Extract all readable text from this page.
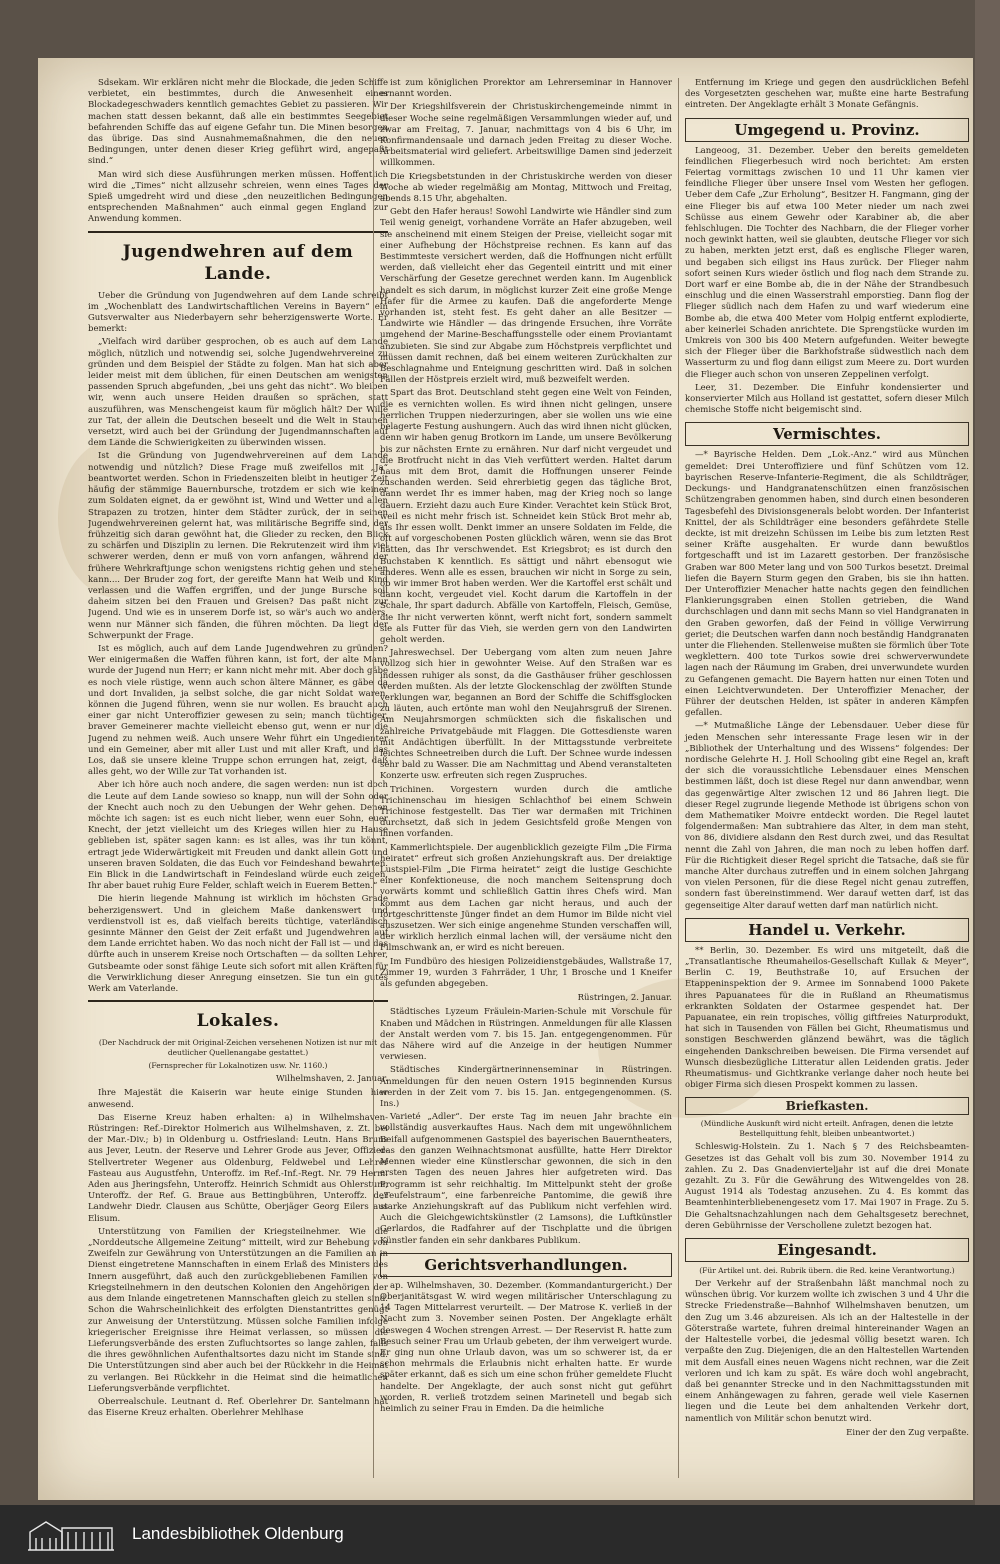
Sdsekam. Wir erklären nicht mehr die Blockade, die jeden Schiffe verbietet, ein bestimmtes, durch die Anwesenheit eines Blockadegeschwaders kenntlich gemachtes Gebiet zu passieren. Wir machen statt dessen bekannt, daß alle ein bestimmtes Seegebiet befahrenden Schiffe das auf eigene Gefahr tun. Die Minen besorgen das übrige. Das sind Ausnahmemaßnahmen, die den neuen Bedingungen, unter denen dieser Krieg geführt wird, angepaßt sind.“

Man wird sich diese Ausführungen merken müssen. Hoffentlich wird die „Times“ nicht allzusehr schreien, wenn eines Tages der Spieß umgedreht wird und diese „den neuzeitlichen Bedingungen entsprechenden Maßnahmen“ auch einmal gegen England zur Anwendung kommen.

Jugendwehren auf dem Lande.

Ueber die Gründung von Jugendwehren auf dem Lande schreibt im „Wochenblatt des Landwirtschaftlichen Vereins in Bayern“ ein Gutsverwalter aus Niederbayern sehr beherzigenswerte Worte. Er bemerkt:

„Vielfach wird darüber gesprochen, ob es auch auf dem Lande möglich, nützlich und notwendig sei, solche Jugendwehrvereine zu gründen und dem Beispiel der Städte zu folgen. Man hat sich aber leider meist mit dem üblichen, für einen Deutschen am wenigsten passenden Spruch abgefunden, „bei uns geht das nicht“. Wo bleiben wir, wenn auch unsere Heiden draußen so sprächen, statt auszuführen, was Menschengeist kaum für möglich hält? Der Wille zur Tat, der allein die Deutschen beseelt und die Welt in Staunen versetzt, wird auch bei der Gründung der Jugendmannschaften auf dem Lande die Schwierigkeiten zu überwinden wissen.

Ist die Gründung von Jugendwehrvereinen auf dem Lande notwendig und nützlich? Diese Frage muß zweifellos mit „Ja“ beantwortet werden. Schon in Friedenszeiten bleibt in heutiger Zeit häufig der stämmige Bauernbursche, trotzdem er sich wie keiner zum Soldaten eignet, da er gewöhnt ist, Wind und Wetter und allen Strapazen zu trotzen, hinter dem Städter zurück, der in seinen Jugendwehrvereinen gelernt hat, was militärische Begriffe sind, der frühzeitig sich daran gewöhnt hat, die Glieder zu recken, den Blick zu schärfen und Disziplin zu lernen. Die Rekrutenzeit wird ihm viel schwerer werden, denn er muß von vorn anfangen, während der frühere Wehrkraftjunge schon wenigstens richtig gehen und stehen kann.... Der Bruder zog fort, der gereifte Mann hat Weib und Kind verlassen und die Waffen ergriffen, und der junge Bursche soll daheim sitzen bei den Frauen und Greisen? Das paßt nicht zur Jugend. Und wie es in unserem Dorfe ist, so wär's auch wo anders, wenn nur Männer sich fänden, die führen möchten. Da liegt der Schwerpunkt der Frage.

Ist es möglich, auch auf dem Lande Jugendwehren zu gründen? Wer einigermaßen die Waffen führen kann, ist fort, der alte Mann wurde der Jugend nun Herr; er kann nicht mehr mit. Aber doch gäbe es noch viele rüstige, wenn auch schon ältere Männer, es gäbe da und dort Invaliden, ja selbst solche, die gar nicht Soldat waren, können die Jugend führen, wenn sie nur wollen. Es braucht auch einer gar nicht Unteroffizier gewesen zu sein; manch tüchtiger, braver Gemeinerer machte vielleicht ebenso gut, wenn er nur die Jugend zu nehmen weiß. Auch unsere Wehr führt ein Ungedienter und ein Gemeiner, aber mit aller Lust und mit aller Kraft, und das Los, daß sie unsere kleine Truppe schon errungen hat, zeigt, daß alles geht, wo der Wille zur Tat vorhanden ist.

Aber ich höre auch noch andere, die sagen werden: nun ist doch die Leute auf dem Lande sowieso so knapp, nun will der Sohn oder der Knecht auch noch zu den Uebungen der Wehr gehen. Denen möchte ich sagen: ist es euch nicht lieber, wenn euer Sohn, euer Knecht, der jetzt vielleicht um des Krieges willen hier zu Hause geblieben ist, später sagen kann: es ist alles, was ihr tun könnt, ertragt jede Widerwärtigkeit mit Freuden und dankt allein Gott und unseren braven Soldaten, die das Euch vor Feindeshand bewahrten. Ein Blick in die Landwirtschaft in Feindesland würde euch zeigen, Ihr aber bauet ruhig Eure Felder, schlaft weich in Euerem Betten.“

Die hierin liegende Mahnung ist wirklich im höchsten Grade beherzigenswert. Und in gleichem Maße dankenswert und verdienstvoll ist es, daß vielfach bereits tüchtige, vaterländisch gesinnte Männer den Geist der Zeit erfaßt und Jugendwehren auf dem Lande errichtet haben. Wo das noch nicht der Fall ist — und das dürfte auch in unserem Kreise noch Ortschaften — da sollten Lehrer, Gutsbeamte oder sonst fähige Leute sich sofort mit allen Kräften für die Verwirklichung dieser Anregung einsetzen. Sie tun ein gutes Werk am Vaterlande.

Lokales.
(Der Nachdruck der mit Original-Zeichen versehenen Notizen ist nur mit deutlicher Quellenangabe gestattet.)
(Fernsprecher für Lokalnotizen usw. Nr. 1160.)
Wilhelmshaven, 2. Januar.

Ihre Majestät die Kaiserin war heute einige Stunden hier anwesend.

Das Eiserne Kreuz haben erhalten: a) in Wilhelmshaven-Rüstringen: Ref.-Direktor Holmerich aus Wilhelmshaven, z. Zt. bei der Mar.-Div.; b) in Oldenburg u. Ostfriesland: Leutn. Hans Bruns aus Jever, Leutn. der Reserve und Lehrer Grode aus Jever, Offizier-Stellvertreter Wegener aus Oldenburg, Feldwebel und Lehrer Fasteau aus Augustfehn, Unteroffz. im Ref.-Inf.-Regt. Nr. 79 Herm. Aden aus Jheringsfehn, Unteroffz. Heinrich Schmidt aus Ohlerstum, Unteroffz. der Ref. G. Braue aus Bettingbühren, Unteroffz. der Landwehr Diedr. Clausen aus Schütte, Oberjäger Georg Eilers aus Elisum.

Unterstützung von Familien der Kriegsteilnehmer. Wie die „Norddeutsche Allgemeine Zeitung“ mitteilt, wird zur Behebung von Zweifeln zur Gewährung von Unterstützungen an die Familien an in Dienst eingetretene Mannschaften in einem Erlaß des Ministers des Innern ausgeführt, daß auch den zurückgebliebenen Familien von Kriegsteilnehmern in den deutschen Kolonien den Angehörigen der aus dem Inlande eingetretenen Mannschaften gleich zu stellen sind. Schon die Wahrscheinlichkeit des erfolgten Dienstantrittes genügt zur Anweisung der Unterstützung. Müssen solche Familien infolge kriegerischer Ereignisse ihre Heimat verlassen, so müssen die Lieferungsverbände des ersten Zufluchtsortes so lange zahlen, falls die ihres gewöhnlichen Aufenthaltsortes dazu nicht im Stande sind. Die Unterstützungen sind aber auch bei der Rückkehr in die Heimat zu verlangen. Bei Rückkehr in die Heimat sind die heimatlichen Lieferungsverbände verpflichtet.

Oberrealschule. Leutnant d. Ref. Oberlehrer Dr. Santelmann hat das Eiserne Kreuz erhalten. Oberlehrer Mehlhase

ist zum königlichen Prorektor am Lehrerseminar in Hannover ernannt worden.

Der Kriegshilfsverein der Christuskirchengemeinde nimmt in dieser Woche seine regelmäßigen Versammlungen wieder auf, und zwar am Freitag, 7. Januar, nachmittags von 4 bis 6 Uhr, im Konfirmandensaale und darnach jeden Freitag zu dieser Woche. Arbeitsmaterial wird geliefert. Arbeitswillige Damen sind jederzeit willkommen.

Die Kriegsbetstunden in der Christuskirche werden von dieser Woche ab wieder regelmäßig am Montag, Mittwoch und Freitag, abends 8.15 Uhr, abgehalten.

Gebt den Hafer heraus! Sowohl Landwirte wie Händler sind zum Teil wenig geneigt, vorhandene Vorräte an Hafer abzugeben, weil sie anscheinend mit einem Steigen der Preise, vielleicht sogar mit einer Aufhebung der Höchstpreise rechnen. Es kann auf das Bestimmteste versichert werden, daß die Hoffnungen nicht erfüllt werden, daß vielleicht eher das Gegenteil eintritt und mit einer Verschärfung der Gesetze gerechnet werden kann. Im Augenblick handelt es sich darum, in möglichst kurzer Zeit eine große Menge Hafer für die Armee zu kaufen. Daß die angeforderte Menge vorhanden ist, steht fest. Es geht daher an alle Besitzer — Landwirte wie Händler — das dringende Ersuchen, ihre Vorräte umgehend der Marine-Beschaffungsstelle oder einem Proviantamt anzubieten. Sie sind zur Abgabe zum Höchstpreis verpflichtet und müssen damit rechnen, daß bei einem weiteren Zurückhalten zur Beschlagnahme und Enteignung geschritten wird. Daß in solchen Fällen der Höstpreis erzielt wird, muß bezweifelt werden.

Spart das Brot. Deutschland steht gegen eine Welt von Feinden, die es vernichten wollen. Es wird ihnen nicht gelingen, unsere herrlichen Truppen niederzuringen, aber sie wollen uns wie eine belagerte Festung aushungern. Auch das wird ihnen nicht glücken, denn wir haben genug Brotkorn im Lande, um unsere Bevölkerung bis zur nächsten Ernte zu ernähren. Nur darf nicht vergeudet und die Brotfrucht nicht in das Vieh verfüttert werden. Haltet darum haus mit dem Brot, damit die Hoffnungen unserer Feinde zuschanden werden. Seid ehrerbietig gegen das tägliche Brot, dann werdet Ihr es immer haben, mag der Krieg noch so lange dauern. Erzieht dazu auch Eure Kinder. Verachtet kein Stück Brot, weil es nicht mehr frisch ist. Schneidet kein Stück Brot mehr ab, als Ihr essen wollt. Denkt immer an unsere Soldaten im Felde, die oft auf vorgeschobenen Posten glücklich wären, wenn sie das Brot hätten, das Ihr verschwendet. Est Kriegsbrot; es ist durch den Buchstaben K kenntlich. Es sättigt und nährt ebensogut wie anderes. Wenn alle es essen, brauchen wir nicht in Sorge zu sein, ob wir immer Brot haben werden. Wer die Kartoffel erst schält und dann kocht, vergeudet viel. Kocht darum die Kartoffeln in der Schale, Ihr spart dadurch. Abfälle von Kartoffeln, Fleisch, Gemüse, die Ihr nicht verwerten könnt, werft nicht fort, sondern sammelt sie als Futter für das Vieh, sie werden gern von den Landwirten geholt werden.

Jahreswechsel. Der Uebergang vom alten zum neuen Jahre vollzog sich hier in gewohnter Weise. Auf den Straßen war es indessen ruhiger als sonst, da die Gasthäuser früher geschlossen werden mußten. Als der letzte Glockenschlag der zwölften Stunde verklungen war, begannen an Bord der Schiffe die Schiffsglocken zu läuten, auch ertönte man wohl den Neujahrsgruß der Sirenen. Am Neujahrsmorgen schmückten sich die fiskalischen und zahlreiche Privatgebäude mit Flaggen. Die Gottesdienste waren mit Andächtigen überfüllt. In der Mittagsstunde verbreitete leichtes Schneetreiben durch die Luft. Der Schnee wurde indessen sehr bald zu Wasser. Die am Nachmittag und Abend veranstalteten Konzerte usw. erfreuten sich regen Zuspruches.

Trichinen. Vorgestern wurden durch die amtliche Trichinenschau im hiesigen Schlachthof bei einem Schwein Trichinose festgestellt. Das Tier war dermaßen mit Trichinen durchsetzt, daß sich in jedem Gesichtsfeld große Mengen von ihnen vorfanden.

Kammerlichtspiele. Der augenblicklich gezeigte Film „Die Firma heiratet“ erfreut sich großen Anziehungskraft aus. Der dreiaktige Lustspiel-Film „Die Firma heiratet“ zeigt die lustige Geschichte einer Konfektioneuse, die noch manchem Seitensprung doch vorwärts kommt und schließlich Gattin ihres Chefs wird. Man kommt aus dem Lachen gar nicht heraus, und auch der fortgeschrittenste Jünger findet an dem Humor im Bilde nicht viel auszusetzen. Wer sich einige angenehme Stunden verschaffen will, der wirklich herzlich einmal lachen will, der versäume nicht den Filmschwank an, er wird es nicht bereuen.

Im Fundbüro des hiesigen Polizeidienstgebäudes, Wallstraße 17, Zimmer 19, wurden 3 Fahrräder, 1 Uhr, 1 Brosche und 1 Kneifer als gefunden abgegeben.

Rüstringen, 2. Januar.

Städtisches Lyzeum Fräulein-Marien-Schule mit Vorschule für Knaben und Mädchen in Rüstringen. Anmeldungen für alle Klassen der Anstalt werden vom 7. bis 15. Jan. entgegengenommen. Für das Nähere wird auf die Anzeige in der heutigen Nummer verwiesen.

Städtisches Kindergärtnerinnenseminar in Rüstringen. Anmeldungen für den neuen Ostern 1915 beginnenden Kursus werden in der Zeit vom 7. bis 15. Jan. entgegengenommen. (S. Ins.)

Varieté „Adler“. Der erste Tag im neuen Jahr brachte ein vollständig ausverkauftes Haus. Nach dem mit ungewöhnlichem Beifall aufgenommenen Gastspiel des bayerischen Bauerntheaters, das den ganzen Weihnachtsmonat ausfüllte, hatte Herr Direktor Mennen wieder eine Künstlerschar gewonnen, die sich in den ersten Tagen des neuen Jahres hier aufgetreten wird. Das Programm ist sehr reichhaltig. Im Mittelpunkt steht der große „Teufelstraum“, eine farbenreiche Pantomime, die gewiß ihre starke Anziehungskraft auf das Publikum nicht verfehlen wird. Auch die Gleichgewichtskünstler (2 Lamsons), die Luftkünstler Gerlardos, die Radfahrer auf der Tischplatte und die übrigen Künstler fanden ein sehr dankbares Publikum.

Gerichtsverhandlungen.

ap. Wilhelmshaven, 30. Dezember. (Kommandanturgericht.) Der Oberjanitätsgast W. wird wegen militärischer Unterschlagung zu 14 Tagen Mittelarrest verurteilt. — Der Matrose K. verließ in der Nacht zum 3. November seinen Posten. Der Angeklagte erhält deswegen 4 Wochen strengen Arrest. — Der Reservist R. hatte zum Besuch seiner Frau um Urlaub gebeten, der ihm verweigert wurde. Er ging nun ohne Urlaub davon, was um so schwerer ist, da er schon mehrmals die Erlaubnis nicht erhalten hatte. Er wurde später erkannt, daß es sich um eine schon früher gemeldete Flucht handelte. Der Angeklagte, der auch sonst nicht gut geführt worden, R. verließ trotzdem seinen Marinetell und begab sich heimlich zu seiner Frau in Emden. Da die heimliche

Entfernung im Kriege und gegen den ausdrücklichen Befehl des Vorgesetzten geschehen war, mußte eine harte Bestrafung eintreten. Der Angeklagte erhält 3 Monate Gefängnis.

Umgegend u. Provinz.

Langeoog, 31. Dezember. Ueber den bereits gemeldeten feindlichen Fliegerbesuch wird noch berichtet: Am ersten Feiertag vormittags zwischen 10 und 11 Uhr kamen vier feindliche Flieger über unsere Insel vom Westen her geflogen. Ueber dem Cafe „Zur Erholung“, Besitzer H. Fangmann, ging der eine Flieger bis auf etwa 100 Meter nieder um nach zwei Schüsse aus einem Gewehr oder Karabiner ab, die aber fehlschlugen. Die Tochter des Nachbarn, die der Flieger vorher noch gewinkt hatten, weil sie glaubten, deutsche Flieger vor sich zu haben, merkten jetzt erst, daß es englische Flieger waren, und begaben sich eiligst ins Haus zurück. Der Flieger nahm sofort seinen Kurs wieder östlich und flog nach dem Strande zu. Dort warf er eine Bombe ab, die in der Nähe der Strandbesuch einschlug und die einen Wasserstrahl emporstieg. Dann flog der Flieger südlich nach dem Hafen zu und warf wiederum eine Bombe ab, die etwa 400 Meter vom Holpig entfernt explodierte, aber keinerlei Schaden anrichtete. Die Sprengstücke wurden im Umkreis von 300 bis 400 Metern aufgefunden. Weiter bewegte sich der Flieger über die Barkhofstraße südwestlich nach dem Wasserturm zu und flog dann eiligst zum Meere zu. Dort wurden die Flieger auch schon von unseren Zeppelinen verfolgt.

Leer, 31. Dezember. Die Einfuhr kondensierter und konservierter Milch aus Holland ist gestattet, sofern dieser Milch chemische Stoffe nicht beigemischt sind.

Vermischtes.

—* Bayrische Helden. Dem „Lok.-Anz.“ wird aus München gemeldet: Drei Unteroffiziere und fünf Schützen vom 12. bayrischen Reserve-Infanterie-Regiment, die als Schildträger, Deckungs- und Handgranatenschützen einen französischen Schützengraben genommen haben, sind durch einen besonderen Tagesbefehl des Divisionsgenerals belobt worden. Der Infanterist Knittel, der als Schildträger eine besonders gefährdete Stelle deckte, ist mit dreizehn Schüssen im Leibe bis zum letzten Rest seiner Kräfte ausgehalten. Er wurde dann bewußtlos fortgeschafft und ist im Lazarett gestorben. Der französische Graben war 800 Meter lang und von 500 Turkos besetzt. Dreimal liefen die Bayern Sturm gegen den Graben, bis sie ihn hatten. Der Unteroffizier Menacher hatte nachts gegen den feindlichen Flankierungsgraben einen Stollen getrieben, die Wand durchschlagen und dann mit sechs Mann so viel Handgranaten in den Graben geworfen, daß der Feind in völlige Verwirrung geriet; die Deutschen warfen dann noch beständig Handgranaten unter die Fliehenden. Stellenweise mußten sie förmlich über Tote wegklettern. 400 tote Turkos sowie drei schwerverwundete lagen nach der Räumung im Graben, drei unverwundete wurden zu Gefangenen gemacht. Die Bayern hatten nur einen Toten und einen Leichtverwundeten. Der Unteroffizier Menacher, der Führer der deutschen Helden, ist später in anderen Kämpfen gefallen.

—* Mutmaßliche Länge der Lebensdauer. Ueber diese für jeden Menschen sehr interessante Frage lesen wir in der „Bibliothek der Unterhaltung und des Wissens“ folgendes: Der nordische Gelehrte H. J. Holl Schooling gibt eine Regel an, kraft der sich die voraussichtliche Lebensdauer eines Menschen bestimmen läßt, doch ist diese Regel nur dann anwendbar, wenn das gegenwärtige Alter zwischen 12 und 86 Jahren liegt. Die dieser Regel zugrunde liegende Methode ist übrigens schon von dem Mathematiker Moivre entdeckt worden. Die Regel lautet folgendermaßen: Man subtrahiere das Alter, in dem man steht, von 86, dividiere alsdann den Rest durch zwei, und das Resultat nennt die Zahl von Jahren, die man noch zu leben hoffen darf. Für die Richtigkeit dieser Regel spricht die Tatsache, daß sie für manche Alter durchaus zutreffen und in einem solchen Jahrgang von vielen Personen, für die diese Regel nicht genau zutreffen, sondern fast übereinstimmend. Wer darauf wetten darf, ist das gegenseitige Alter darauf wetten darf man natürlich nicht.

Handel u. Verkehr.

** Berlin, 30. Dezember. Es wird uns mitgeteilt, daß die „Transatlantische Rheumaheilos-Gesellschaft Kullak & Meyer“, Berlin C. 19, Beuthstraße 10, auf Ersuchen der Etappeninspektion der 9. Armee im Sonnabend 1000 Pakete ihres Papuanatees für die in Rußland an Rheumatismus erkrankten Soldaten der Ostarmee gespendet hat. Der Papuanatee, ein rein tropisches, völlig giftfreies Naturprodukt, hat sich in Tausenden von Fällen bei Gicht, Rheumatismus und sonstigen Beschwerden glänzend bewährt, was die täglich eingehenden Dankschreiben beweisen. Die Firma versendet auf Wunsch diesbezügliche Litteratur allen Leidenden gratis. Jeder Rheumatismus- und Gichtkranke verlange daher noch heute bei obiger Firma sich diesen Prospekt kommen zu lassen.

Briefkasten.
(Mündliche Auskunft wird nicht erteilt. Anfragen, denen die letzte Bestellquittung fehlt, bleiben unbeantwortet.)

Schleswig-Holstein. Zu 1. Nach § 7 des Reichsbeamten-Gesetzes ist das Gehalt voll bis zum 30. November 1914 zu zahlen. Zu 2. Das Gnadenvierteljahr ist auf die drei Monate gezahlt. Zu 3. Für die Gewährung des Witwengeldes von 28. August 1914 als Todestag anzusehen. Zu 4. Es kommt das Beamtenhinterbliebenengesetz vom 17. Mai 1907 in Frage. Zu 5. Die Gehaltsnachzahlungen nach dem Gehaltsgesetz berechnet, deren Gebührnisse der Verschollene zuletzt bezogen hat.

Eingesandt.
(Für Artikel unt. dei. Rubrik übern. die Red. keine Verantwortung.)

Der Verkehr auf der Straßenbahn läßt manchmal noch zu wünschen übrig. Vor kurzem wollte ich zwischen 3 und 4 Uhr die Strecke Friedenstraße—Bahnhof Wilhelmshaven benutzen, um den Zug um 3.46 abzureisen. Als ich an der Haltestelle in der Göterstraße wartete, fuhren dreimal hintereinander Wagen an der Haltestelle vorbei, die jedesmal völlig besetzt waren. Ich verpaßte den Zug. Diejenigen, die an den Haltestellen Wartenden mit dem Ausfall eines neuen Wagens nicht rechnen, war die Zeit verloren und ich kam zu spät. Es wäre doch wohl angebracht, daß bei genannter Strecke und in den Nachmittagsstunden mit einem Anhängewagen zu fahren, gerade weil viele Kasernen liegen und die Leute bei dem anhaltenden Verkehr dort, namentlich von Militär schon benutzt wird.

Einer der den Zug verpaßte.
Landesbibliothek Oldenburg
